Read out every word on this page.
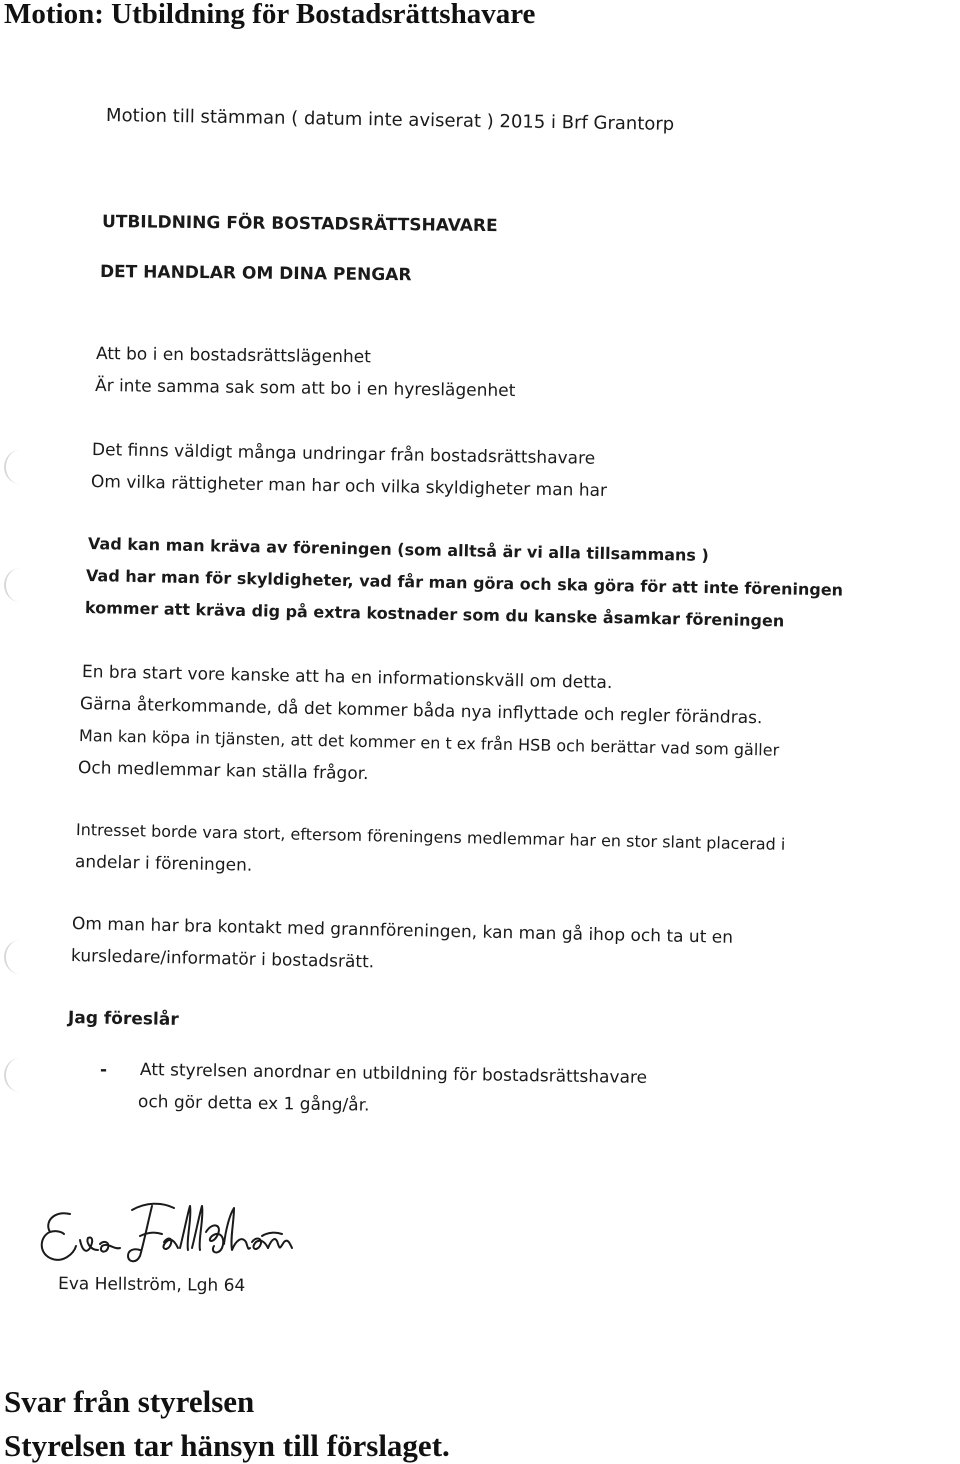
Motion: Utbildning för Bostadsrättshavare
Motion till stämman ( datum inte aviserat ) 2015 i Brf Grantorp
UTBILDNING FÖR BOSTADSRÄTTSHAVARE
DET HANDLAR OM DINA PENGAR
Att bo i en bostadsrättslägenhet
Är inte samma sak som att bo i en hyreslägenhet
Det finns väldigt många undringar från bostadsrättshavare
Om vilka rättigheter man har och vilka skyldigheter man har
Vad kan man kräva av föreningen (som alltså är vi alla tillsammans )
Vad har man för skyldigheter, vad får man göra och ska göra för att inte föreningen
kommer att kräva dig på extra kostnader som du kanske åsamkar föreningen
En bra start vore kanske att ha en informationskväll om detta.
Gärna återkommande, då det kommer båda nya inflyttade och regler förändras.
Man kan köpa in tjänsten, att det kommer en t ex från HSB och berättar vad som gäller
Och medlemmar kan ställa frågor.
Intresset borde vara stort, eftersom föreningens medlemmar har en stor slant placerad i
andelar i föreningen.
Om man har bra kontakt med grannföreningen, kan man gå ihop och ta ut en
kursledare/informatör i bostadsrätt.
Jag föreslår
- Att styrelsen anordnar en utbildning för bostadsrättshavare
och gör detta ex 1 gång/år.
Eva Hellström, Lgh 64
Svar från styrelsen
Styrelsen tar hänsyn till förslaget.
